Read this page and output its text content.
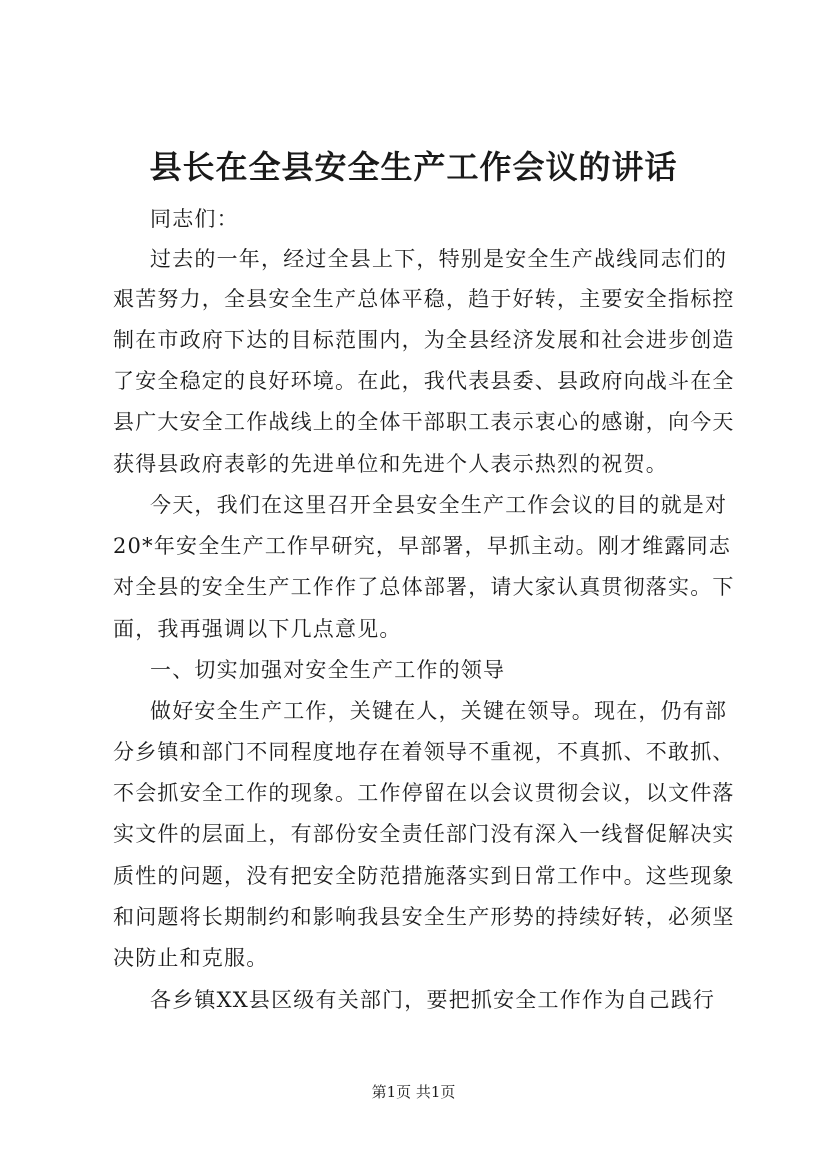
县长在全县安全生产工作会议的讲话

同志们：

过去的一年，经过全县上下，特别是安全生产战线同志们的

艰苦努力，全县安全生产总体平稳，趋于好转，主要安全指标控

制在市政府下达的目标范围内，为全县经济发展和社会进步创造

了安全稳定的良好环境。在此，我代表县委、县政府向战斗在全

县广大安全工作战线上的全体干部职工表示衷心的感谢，向今天

获得县政府表彰的先进单位和先进个人表示热烈的祝贺。

今天，我们在这里召开全县安全生产工作会议的目的就是对

20*年安全生产工作早研究，早部署，早抓主动。刚才维露同志

对全县的安全生产工作作了总体部署，请大家认真贯彻落实。下

面，我再强调以下几点意见。

一、切实加强对安全生产工作的领导

做好安全生产工作，关键在人，关键在领导。现在，仍有部

分乡镇和部门不同程度地存在着领导不重视，不真抓、不敢抓、

不会抓安全工作的现象。工作停留在以会议贯彻会议，以文件落

实文件的层面上，有部份安全责任部门没有深入一线督促解决实

质性的问题，没有把安全防范措施落实到日常工作中。这些现象

和问题将长期制约和影响我县安全生产形势的持续好转，必须坚

决防止和克服。

各乡镇XX县区级有关部门，要把抓安全工作作为自己践行

第1页 共1页
